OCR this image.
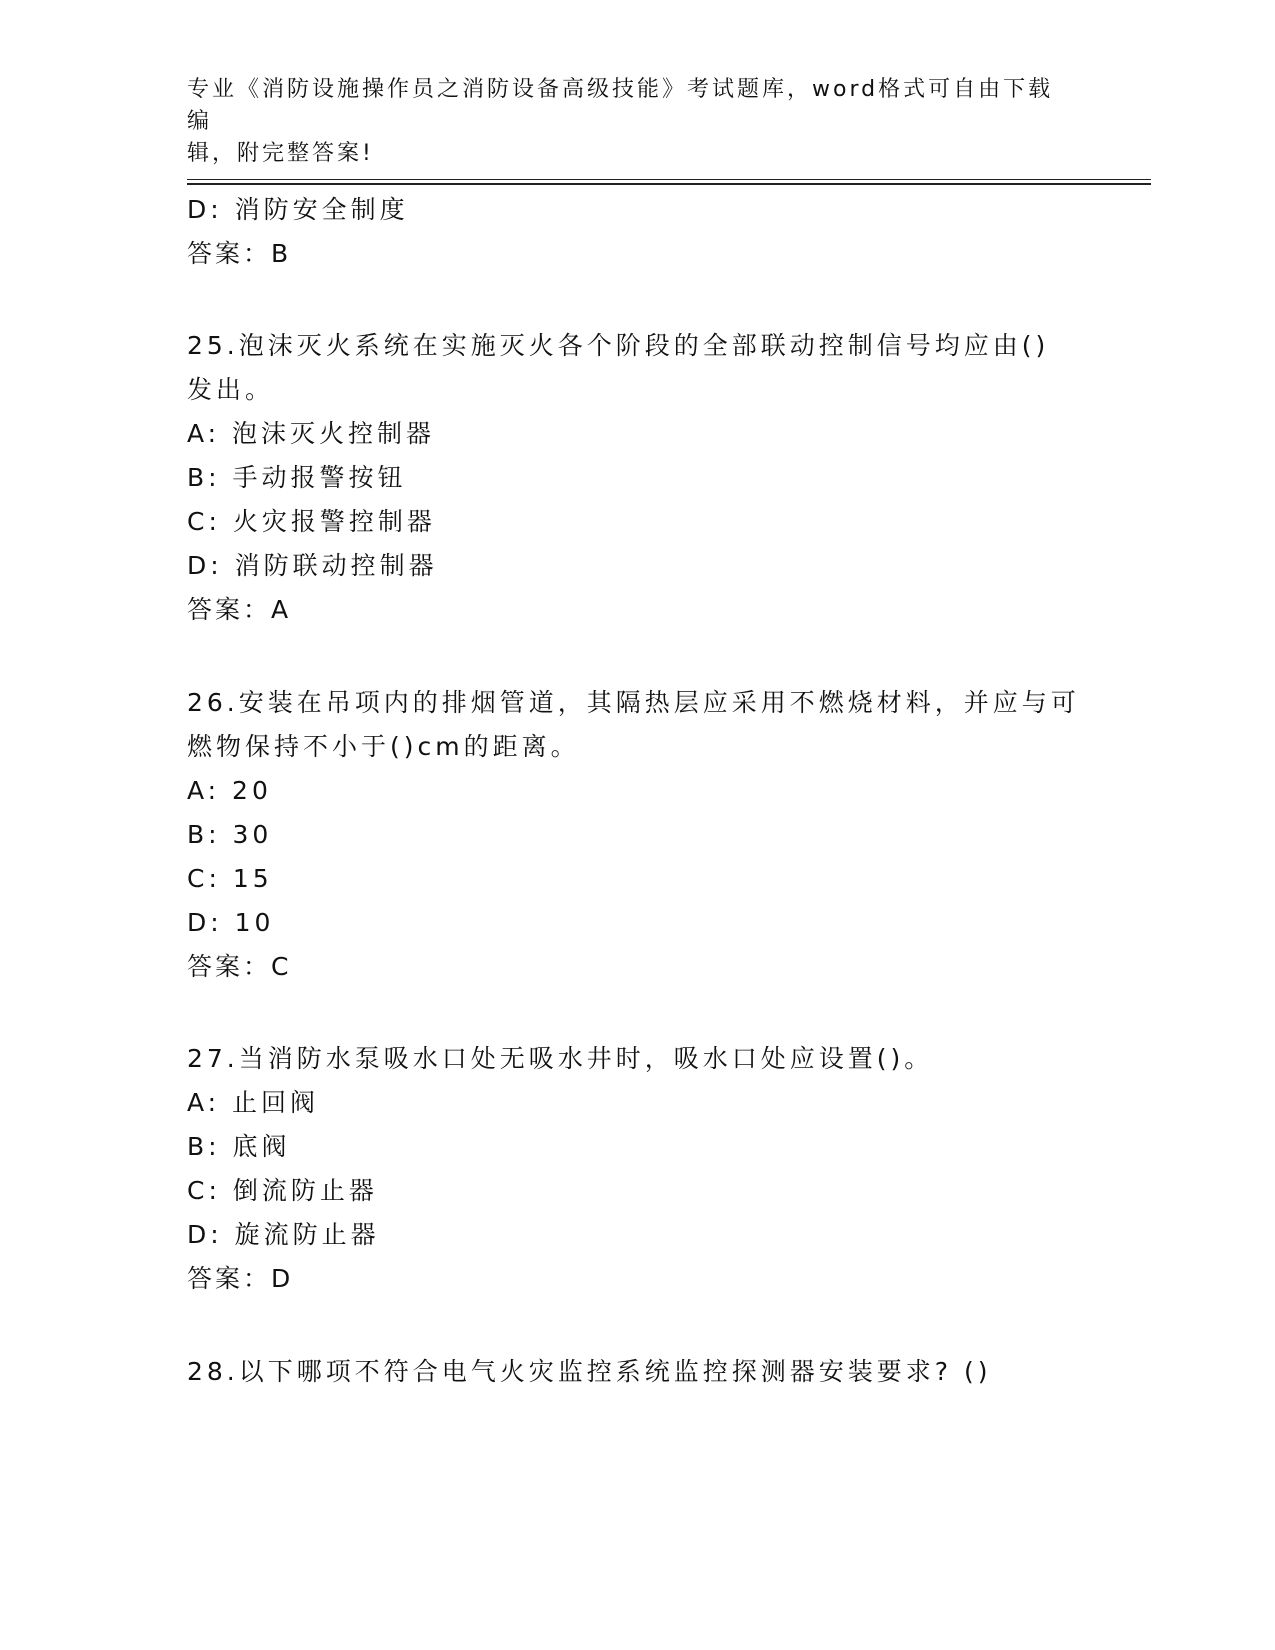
专业《消防设施操作员之消防设备高级技能》考试题库，word格式可自由下载编
辑，附完整答案!
D: 消防安全制度
答案：B
25.泡沫灭火系统在实施灭火各个阶段的全部联动控制信号均应由()
发出。
A: 泡沫灭火控制器
B: 手动报警按钮
C: 火灾报警控制器
D: 消防联动控制器
答案：A
26.安装在吊项内的排烟管道，其隔热层应采用不燃烧材料，并应与可
燃物保持不小于()cm的距离。
A: 20
B: 30
C: 15
D: 10
答案：C
27.当消防水泵吸水口处无吸水井时，吸水口处应设置()。
A: 止回阀
B: 底阀
C: 倒流防止器
D: 旋流防止器
答案：D
28.以下哪项不符合电气火灾监控系统监控探测器安装要求? ()
